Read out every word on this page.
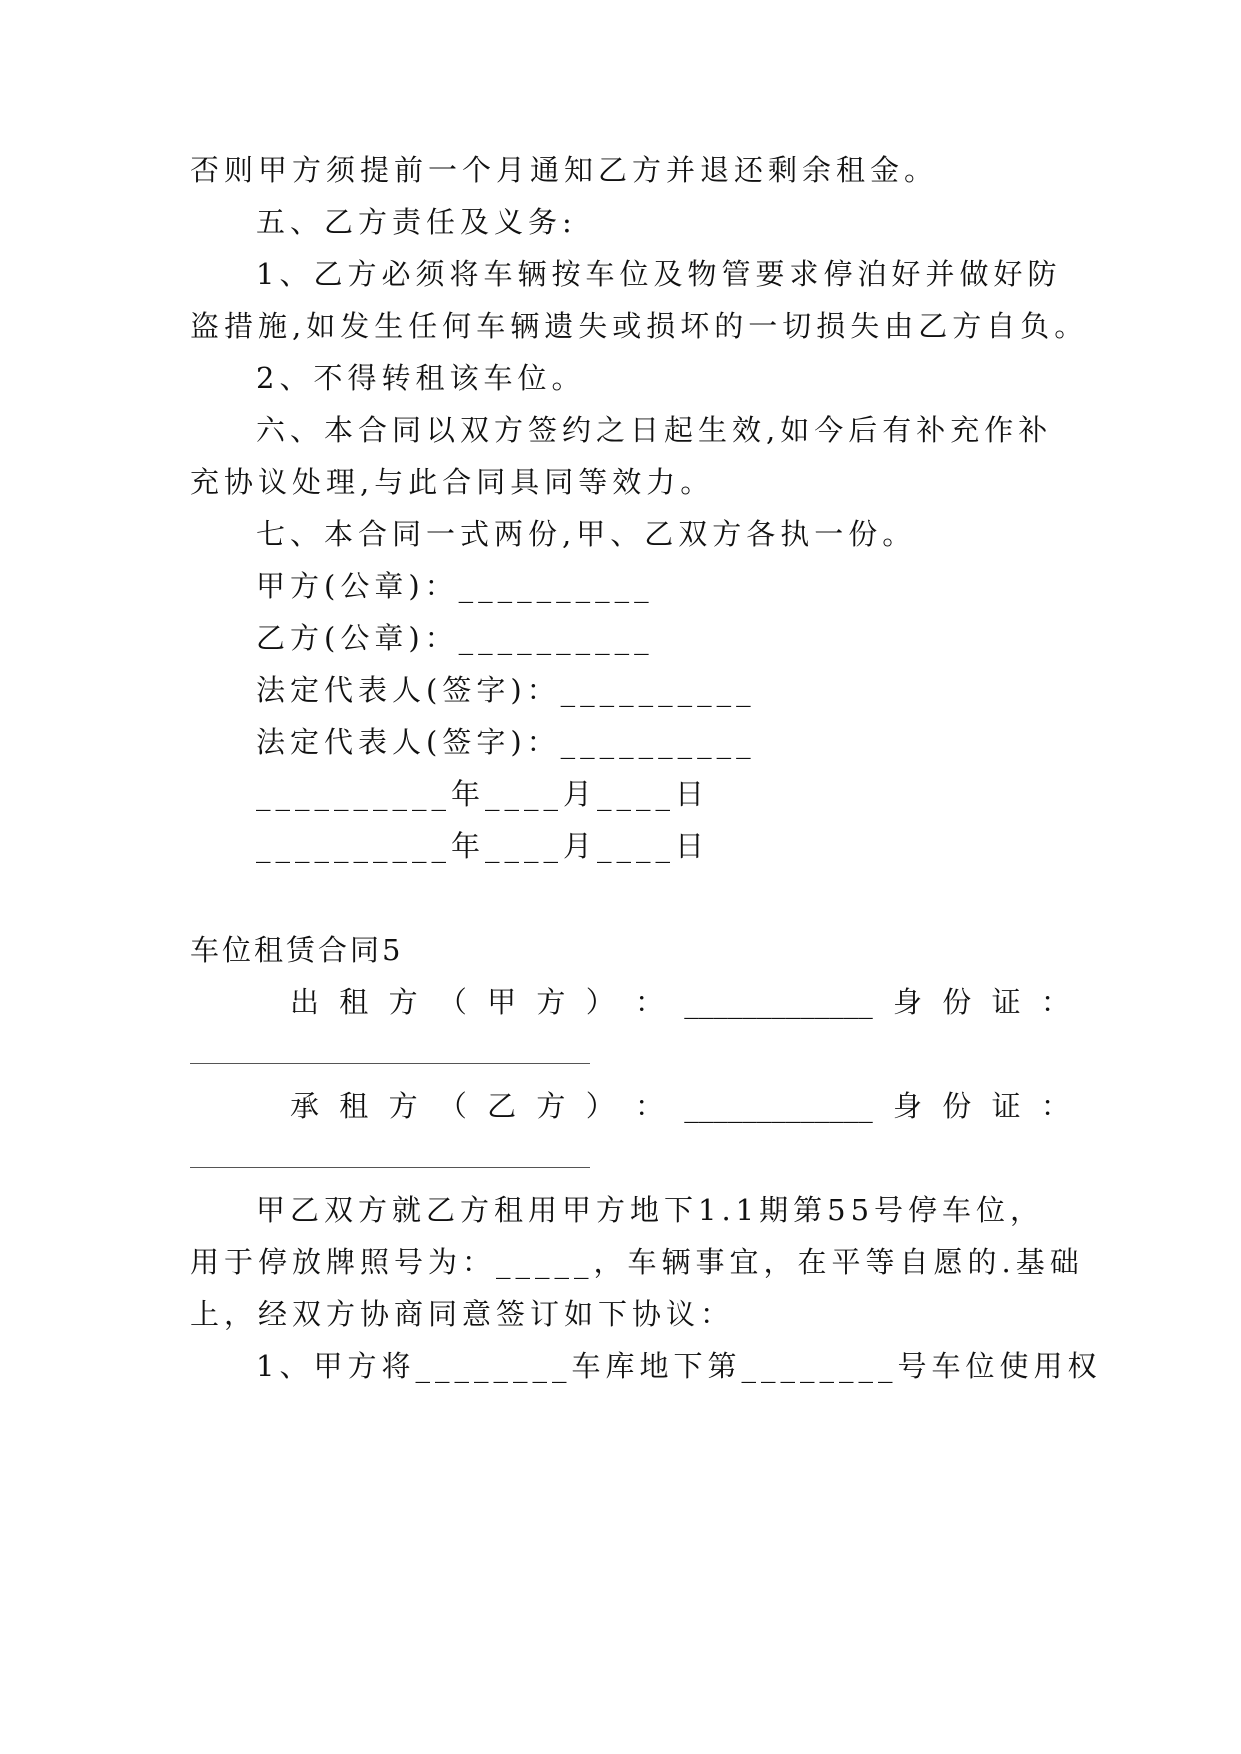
否则甲方须提前一个月通知乙方并退还剩余租金。
五、乙方责任及义务:
1、乙方必须将车辆按车位及物管要求停泊好并做好防
盗措施,如发生任何车辆遗失或损坏的一切损失由乙方自负。
2、不得转租该车位。
六、本合同以双方签约之日起生效,如今后有补充作补
充协议处理,与此合同具同等效力。
七、本合同一式两份,甲、乙双方各执一份。
甲方(公章)：__________
乙方(公章)：__________
法定代表人(签字)：__________
法定代表人(签字)：__________
__________年____月____日
__________年____月____日
车位租赁合同5
出 租 方 （ 甲 方 ） ： _____________ 身 份 证 ：
承 租 方 （ 乙 方 ） ： _____________ 身 份 证 ：
甲乙双方就乙方租用甲方地下1.1期第55号停车位，
用于停放牌照号为：_____，车辆事宜，在平等自愿的.基础
上，经双方协商同意签订如下协议：
1、甲方将________车库地下第________号车位使用权
